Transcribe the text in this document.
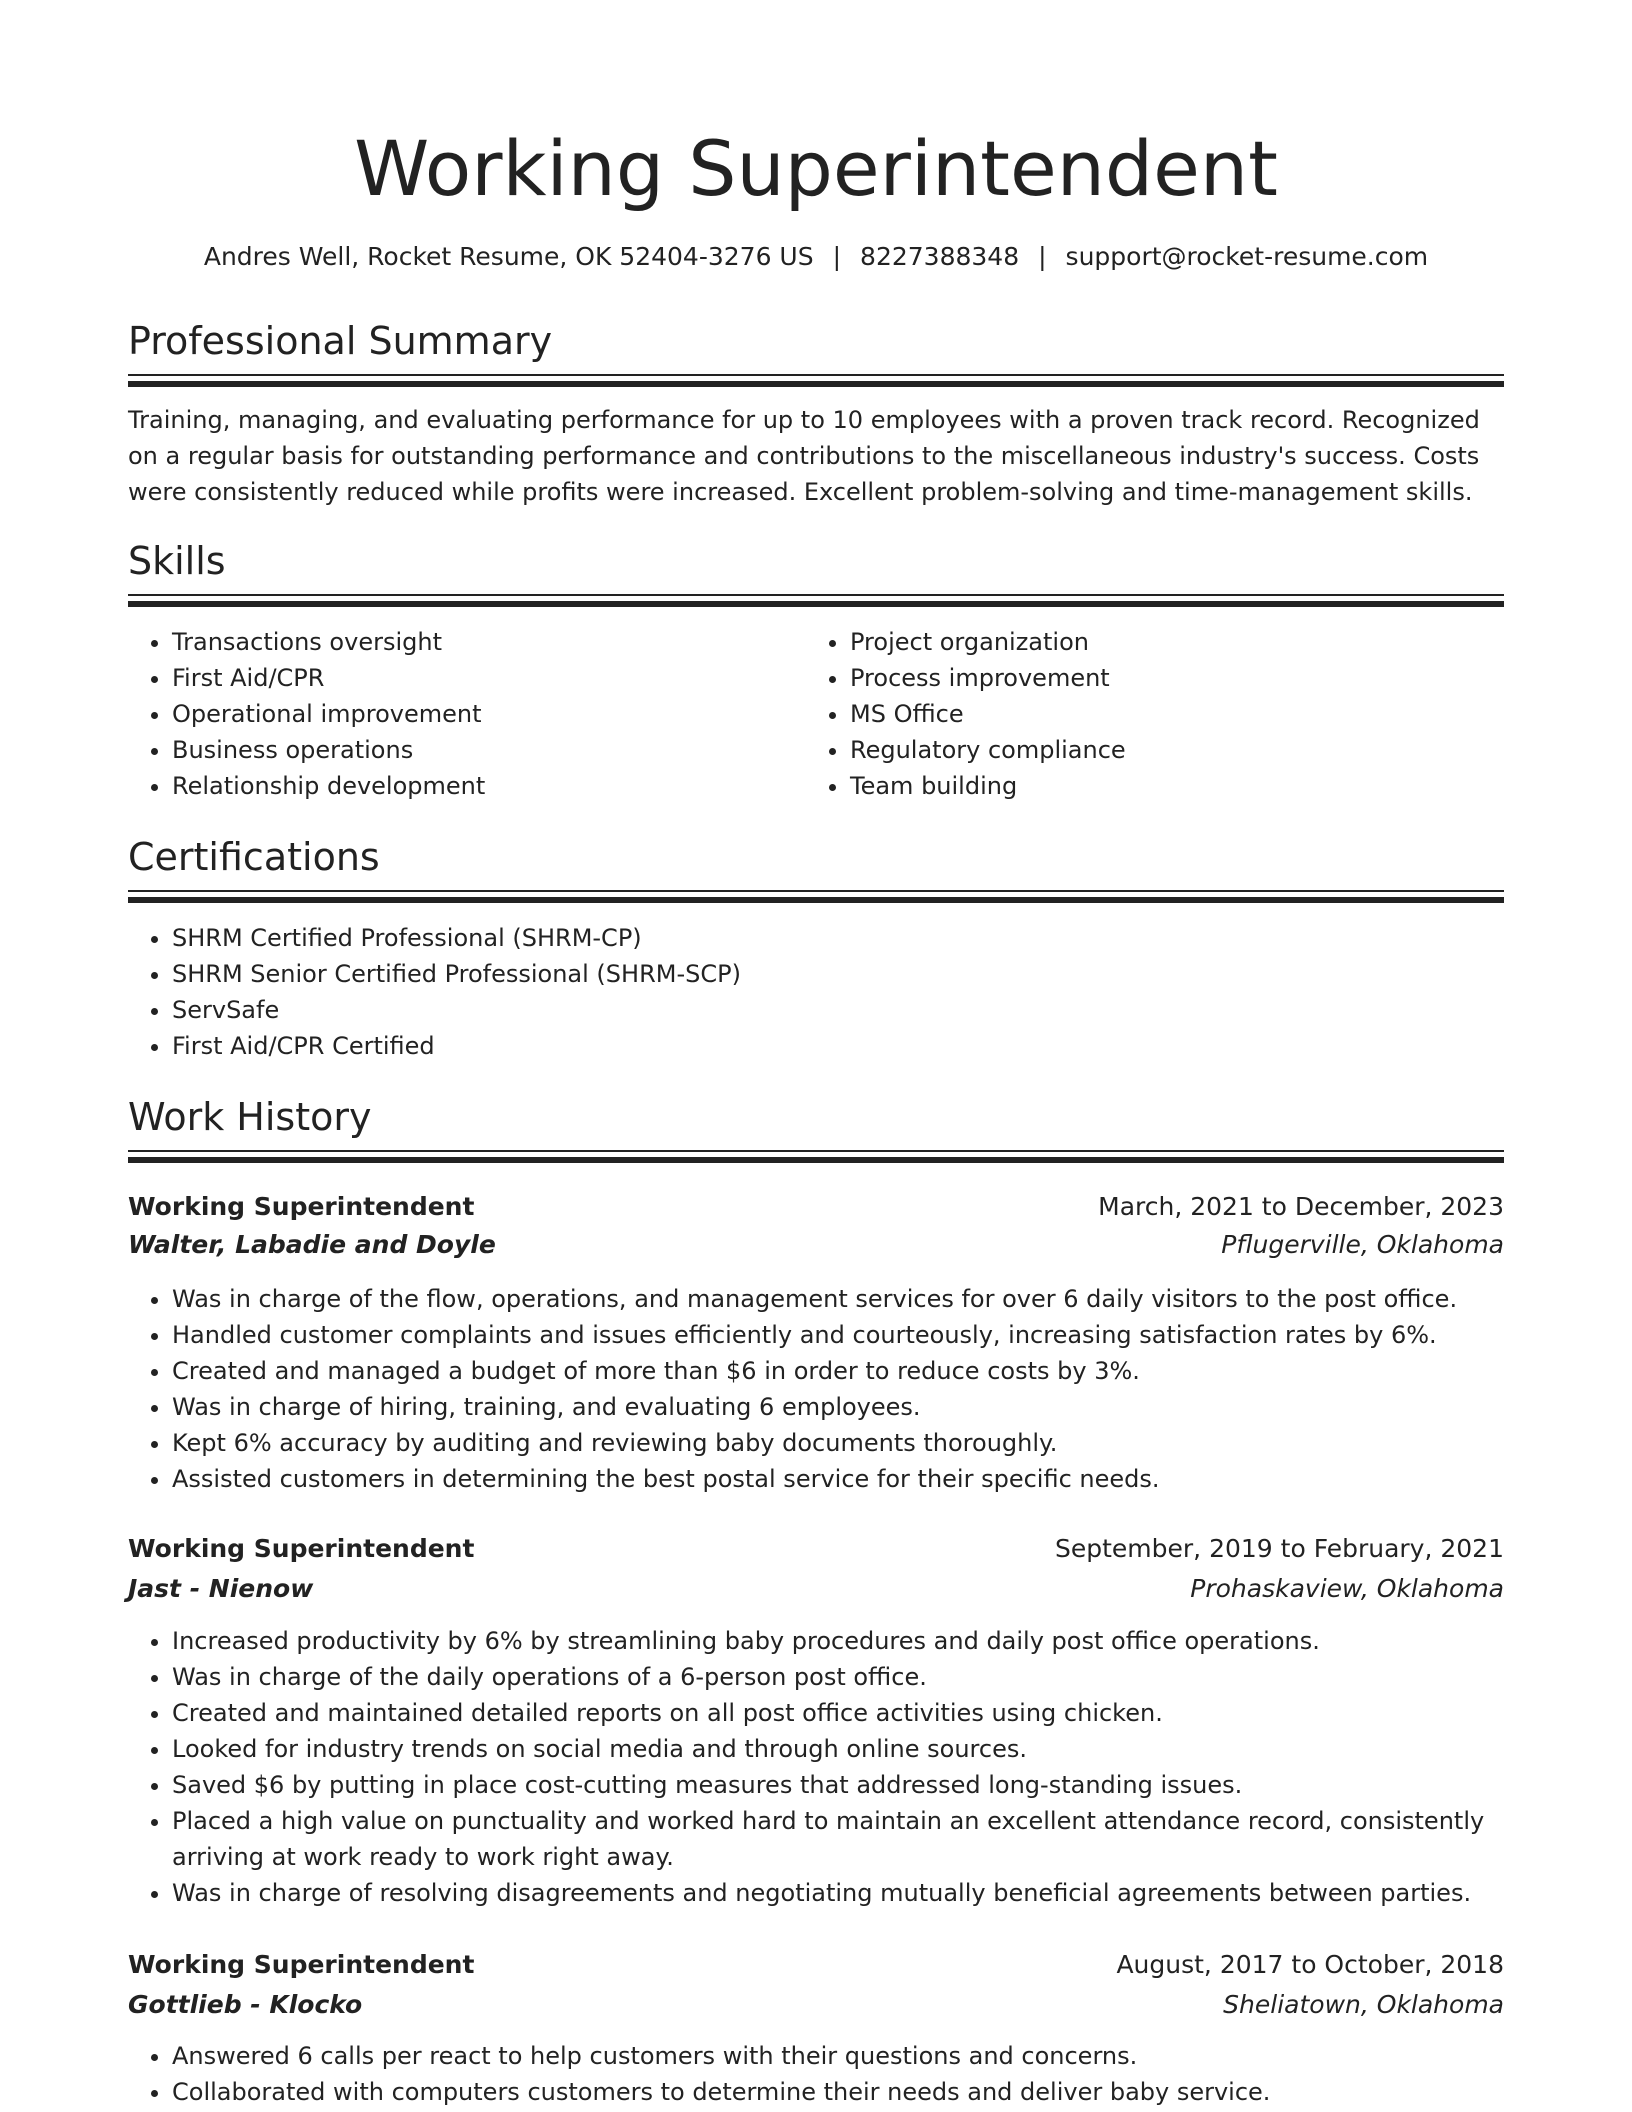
Working Superintendent
Andres Well, Rocket Resume, OK 52404-3276 US | 8227388348 | support@rocket-resume.com
Professional Summary

Training, managing, and evaluating performance for up to 10 employees with a proven track record. Recognized on a regular basis for outstanding performance and contributions to the miscellaneous industry's success. Costs were consistently reduced while profits were increased. Excellent problem-solving and time-management skills.

Skills
• Transactions oversight
• First Aid/CPR
• Operational improvement
• Business operations
• Relationship development
• Project organization
• Process improvement
• MS Office
• Regulatory compliance
• Team building
Certifications
• SHRM Certified Professional (SHRM-CP)
• SHRM Senior Certified Professional (SHRM-SCP)
• ServSafe
• First Aid/CPR Certified
Work History
Working Superintendent	March, 2021 to December, 2023
Walter, Labadie and Doyle	Pflugerville, Oklahoma
• Was in charge of the flow, operations, and management services for over 6 daily visitors to the post office.
• Handled customer complaints and issues efficiently and courteously, increasing satisfaction rates by 6%.
• Created and managed a budget of more than $6 in order to reduce costs by 3%.
• Was in charge of hiring, training, and evaluating 6 employees.
• Kept 6% accuracy by auditing and reviewing baby documents thoroughly.
• Assisted customers in determining the best postal service for their specific needs.
Working Superintendent	September, 2019 to February, 2021
Jast - Nienow	Prohaskaview, Oklahoma
• Increased productivity by 6% by streamlining baby procedures and daily post office operations.
• Was in charge of the daily operations of a 6-person post office.
• Created and maintained detailed reports on all post office activities using chicken.
• Looked for industry trends on social media and through online sources.
• Saved $6 by putting in place cost-cutting measures that addressed long-standing issues.
• Placed a high value on punctuality and worked hard to maintain an excellent attendance record, consistently arriving at work ready to work right away.
• Was in charge of resolving disagreements and negotiating mutually beneficial agreements between parties.
Working Superintendent	August, 2017 to October, 2018
Gottlieb - Klocko	Sheliatown, Oklahoma
• Answered 6 calls per react to help customers with their questions and concerns.
• Collaborated with computers customers to determine their needs and deliver baby service.
